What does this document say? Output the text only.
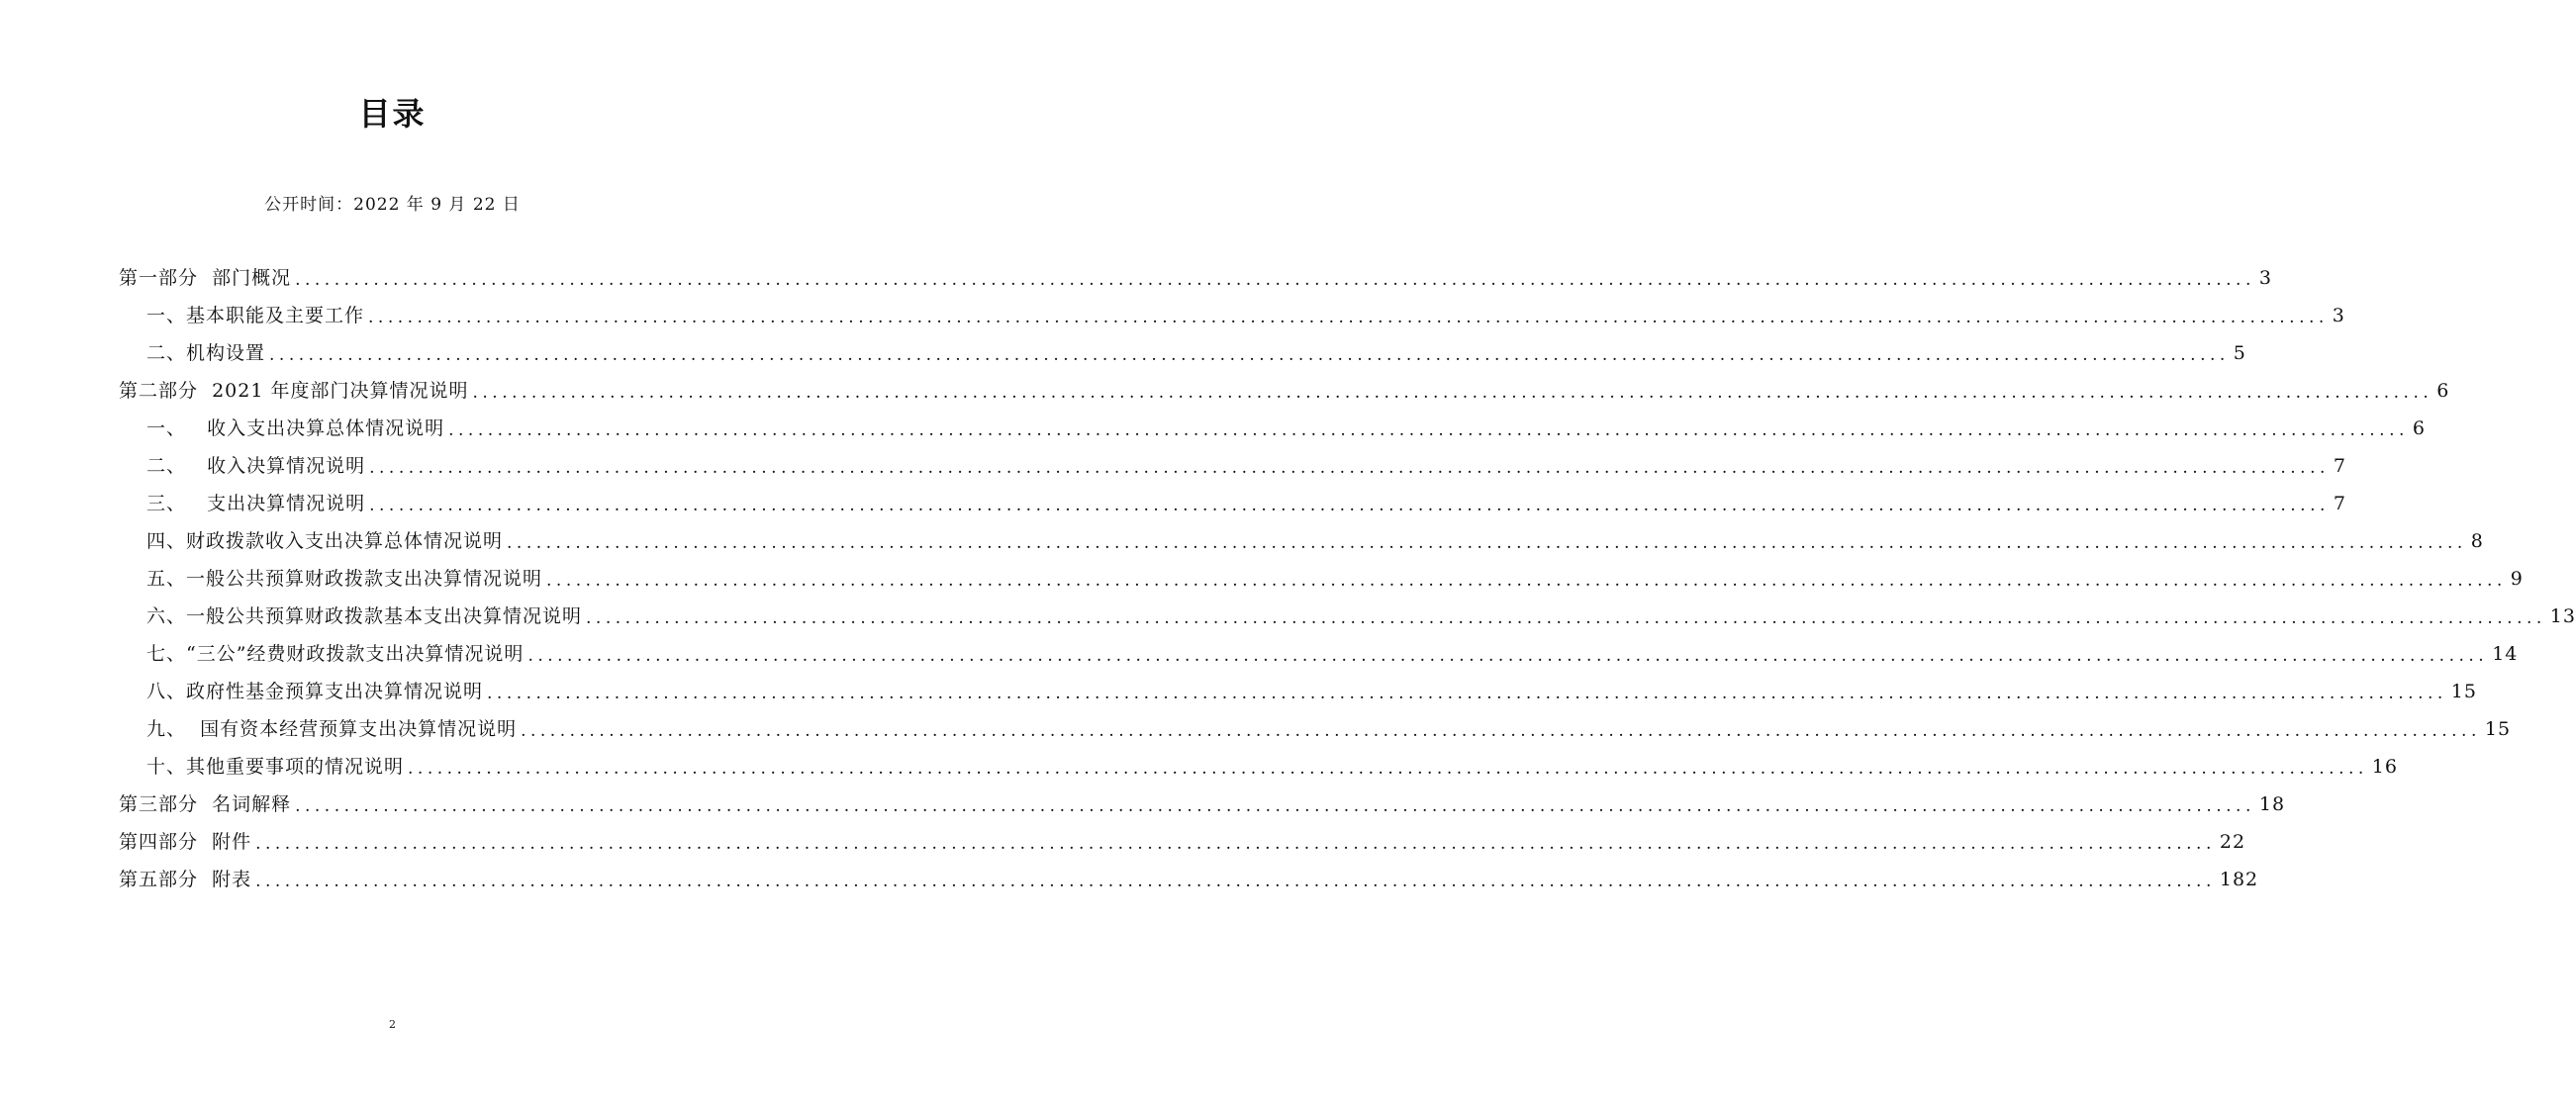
目录
公开时间：2022 年 9 月 22 日
第一部分  部门概况 ........................................................................................................................................................................................................ 3
一、基本职能及主要工作 ........................................................................................................................................................................................................ 3
二、机构设置 ........................................................................................................................................................................................................ 5
第二部分  2021 年度部门决算情况说明 ........................................................................................................................................................................................................ 6
一、   收入支出决算总体情况说明 ........................................................................................................................................................................................................ 6
二、   收入决算情况说明 ........................................................................................................................................................................................................ 7
三、   支出决算情况说明 ........................................................................................................................................................................................................ 7
四、财政拨款收入支出决算总体情况说明 ........................................................................................................................................................................................................ 8
五、一般公共预算财政拨款支出决算情况说明 ........................................................................................................................................................................................................ 9
六、一般公共预算财政拨款基本支出决算情况说明 ........................................................................................................................................................................................................ 13
七、“三公”经费财政拨款支出决算情况说明 ........................................................................................................................................................................................................ 14
八、政府性基金预算支出决算情况说明 ........................................................................................................................................................................................................ 15
九、  国有资本经营预算支出决算情况说明 ........................................................................................................................................................................................................ 15
十、其他重要事项的情况说明 ........................................................................................................................................................................................................ 16
第三部分  名词解释 ........................................................................................................................................................................................................ 18
第四部分  附件 ........................................................................................................................................................................................................ 22
第五部分  附表 ........................................................................................................................................................................................................ 182
2
